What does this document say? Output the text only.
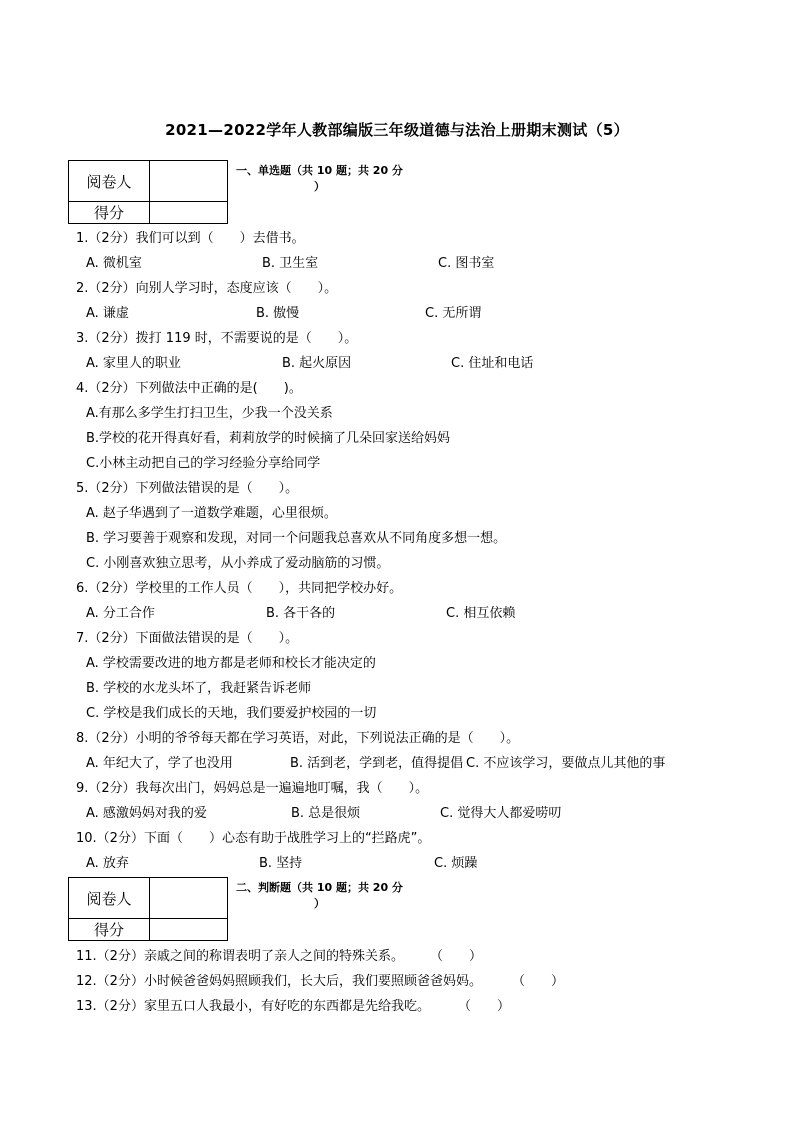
2021—2022学年人教部编版三年级道德与法治上册期末测试（5）
阅卷人	
得分	
一、单选题（共 10 题；共 20 分
）
1.（2分）我们可以到（　　）去借书。
A. 微机室	B. 卫生室	C. 图书室
2.（2分）向别人学习时，态度应该（　　）。
A. 谦虚	B. 傲慢	C. 无所谓
3.（2分）拨打 119 时，不需要说的是（　　）。
A. 家里人的职业	B. 起火原因	C. 住址和电话
4.（2分）下列做法中正确的是(　　)。
A.有那么多学生打扫卫生，少我一个没关系
B.学校的花开得真好看，莉莉放学的时候摘了几朵回家送给妈妈
C.小林主动把自己的学习经验分享给同学
5.（2分）下列做法错误的是（　　）。
A. 赵子华遇到了一道数学难题，心里很烦。
B. 学习要善于观察和发现，对同一个问题我总喜欢从不同角度多想一想。
C. 小刚喜欢独立思考，从小养成了爱动脑筋的习惯。
6.（2分）学校里的工作人员（　　），共同把学校办好。
A. 分工合作	B. 各干各的	C. 相互依赖
7.（2分）下面做法错误的是（　　）。
A. 学校需要改进的地方都是老师和校长才能决定的
B. 学校的水龙头坏了，我赶紧告诉老师
C. 学校是我们成长的天地，我们要爱护校园的一切
8.（2分）小明的爷爷每天都在学习英语，对此，下列说法正确的是（　　）。
A. 年纪大了，学了也没用	B. 活到老，学到老，值得提倡 C. 不应该学习，要做点儿其他的事
9.（2分）我每次出门，妈妈总是一遍遍地叮嘱，我（　　）。
A. 感激妈妈对我的爱	B. 总是很烦	C. 觉得大人都爱唠叨
10.（2分）下面（　　）心态有助于战胜学习上的“拦路虎”。
A. 放弃	B. 坚持	C. 烦躁
阅卷人	
得分	
二、判断题（共 10 题；共 20 分
）
11.（2分）亲戚之间的称谓表明了亲人之间的特殊关系。 （　　）
12.（2分）小时候爸爸妈妈照顾我们，长大后，我们要照顾爸爸妈妈。 （　　）
13.（2分）家里五口人我最小，有好吃的东西都是先给我吃。 （　　）
